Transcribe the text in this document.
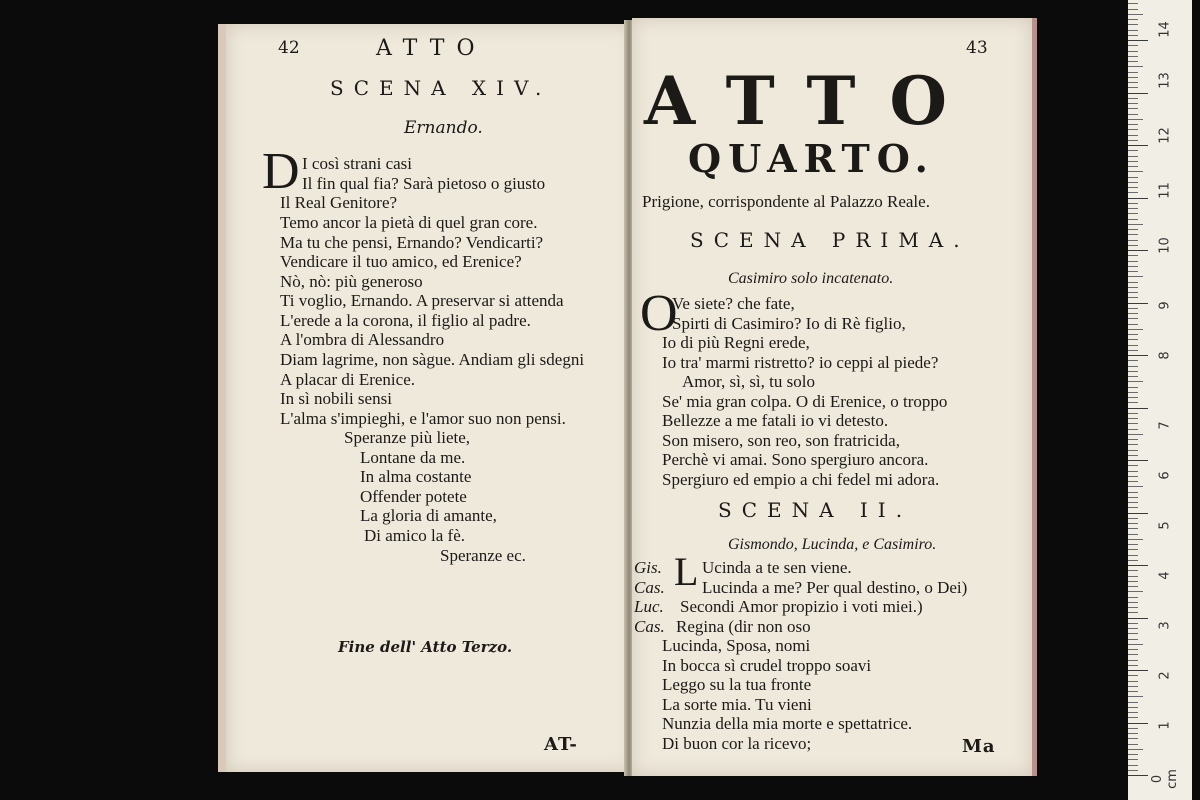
42	ATTO
SCENA XIV.
Ernando.
D I così strani casi
Il fin qual fia? Sarà pietoso o giusto
Il Real Genitore?
Temo ancor la pietà di quel gran core.
Ma tu che pensi, Ernando? Vendicarti?
Vendicare il tuo amico, ed Erenice?
Nò, nò: più generoso
Ti voglio, Ernando. A preservar si attenda
L'erede a la corona, il figlio al padre.
A l'ombra di Alessandro
Diam lagrime, non sàgue. Andiam gli sdegni
A placar di Erenice.
In sì nobili sensi
L'alma s'impieghi, e l'amor suo non pensi.
Speranze più liete,
Lontane da me.
In alma costante
Offender potete
La gloria di amante,
Di amico la fè.
Speranze ec.
Fine dell' Atto Terzo.
AT-
43
ATTO
QUARTO.
Prigione, corrispondente al Palazzo Reale.
SCENA PRIMA.
Casimiro solo incatenato.
O
Ve siete? che fate,
Spirti di Casimiro? Io di Rè figlio,
Io di più Regni erede,
Io tra' marmi ristretto? io ceppi al piede?
Amor, sì, sì, tu solo
Se' mia gran colpa. O di Erenice, o troppo
Bellezze a me fatali io vi detesto.
Son misero, son reo, son fratricida,
Perchè vi amai. Sono spergiuro ancora.
Spergiuro ed empio a chi fedel mi adora.
SCENA II.
Gismondo, Lucinda, e Casimiro.
Gis.
Cas.
Luc.
Cas.
L Ucinda a te sen viene.
Lucinda a me? Per qual destino, o Dei)
Secondi Amor propizio i voti miei.)
Regina (dir non oso
Lucinda, Sposa, nomi
In bocca sì crudel troppo soavi
Leggo su la tua fronte
La sorte mia. Tu vieni
Nunzia della mia morte e spettatrice.
Di buon cor la ricevo;	Ma
0 cm
1
2
3
4
5
6
7
8
9
10
11
12
13
14
